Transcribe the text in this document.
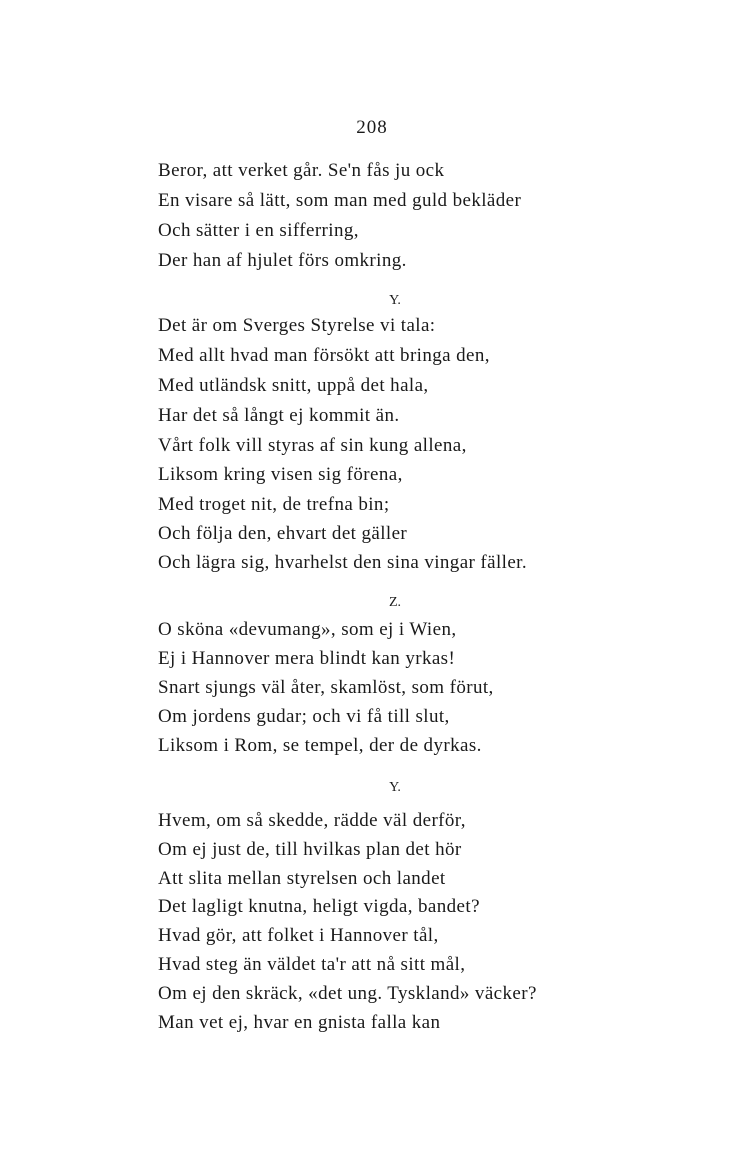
208
Beror, att verket går. Se'n fås ju ock
En visare så lätt, som man med guld bekläder
Och sätter i en sifferring,
Der han af hjulet förs omkring.
Y.
Det är om Sverges Styrelse vi tala:
Med allt hvad man försökt att bringa den,
Med utländsk snitt, uppå det hala,
Har det så långt ej kommit än.
Vårt folk vill styras af sin kung allena,
Liksom kring visen sig förena,
Med troget nit, de trefna bin;
Och följa den, ehvart det gäller
Och lägra sig, hvarhelst den sina vingar fäller.
Z.
O sköna «devumang», som ej i Wien,
Ej i Hannover mera blindt kan yrkas!
Snart sjungs väl åter, skamlöst, som förut,
Om jordens gudar; och vi få till slut,
Liksom i Rom, se tempel, der de dyrkas.
Y.
Hvem, om så skedde, rädde väl derför,
Om ej just de, till hvilkas plan det hör
Att slita mellan styrelsen och landet
Det lagligt knutna, heligt vigda, bandet?
Hvad gör, att folket i Hannover tål,
Hvad steg än väldet ta'r att nå sitt mål,
Om ej den skräck, «det ung. Tyskland» väcker?
Man vet ej, hvar en gnista falla kan
